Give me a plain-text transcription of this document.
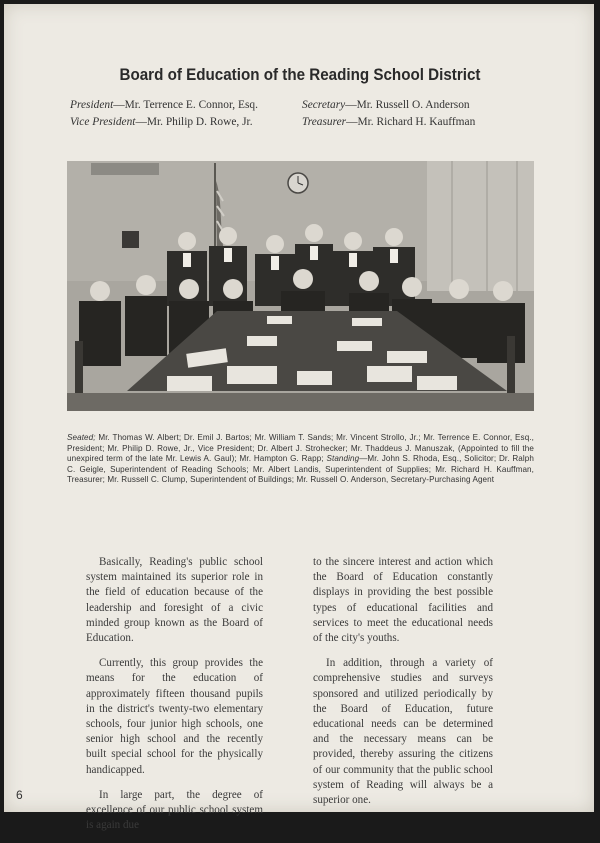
Board of Education of the Reading School District
President—Mr. Terrence E. Connor, Esq.
Vice President—Mr. Philip D. Rowe, Jr.
Secretary—Mr. Russell O. Anderson
Treasurer—Mr. Richard H. Kauffman
Seated; Mr. Thomas W. Albert; Dr. Emil J. Bartos; Mr. William T. Sands; Mr. Vincent Strollo, Jr.; Mr. Terrence E. Connor, Esq., President; Mr. Philip D. Rowe, Jr., Vice President; Dr. Albert J. Strohecker; Mr. Thaddeus J. Manuszak, (Appointed to fill the unexpired term of the late Mr. Lewis A. Gaul); Mr. Hampton G. Rapp; Standing—Mr. John S. Rhoda, Esq., Solicitor; Dr. Ralph C. Geigle, Superintendent of Reading Schools; Mr. Albert Landis, Superintendent of Supplies; Mr. Richard H. Kauffman, Treasurer; Mr. Russell C. Clump, Superintendent of Buildings; Mr. Russell O. Anderson, Secretary-Purchasing Agent

Basically, Reading's public school system maintained its superior role in the field of education because of the leadership and foresight of a civic minded group known as the Board of Education.

Currently, this group provides the means for the education of approximately fifteen thousand pupils in the district's twenty-two elementary schools, four junior high schools, one senior high school and the recently built special school for the physically handicapped.

In large part, the degree of excellence of our public school system is again due

to the sincere interest and action which the Board of Education constantly displays in providing the best possible types of educational facilities and services to meet the educational needs of the city's youths.

In addition, through a variety of comprehensive studies and surveys sponsored and utilized periodically by the Board of Education, future educational needs can be determined and the necessary means can be provided, thereby assuring the citizens of our community that the public school system of Reading will always be a superior one.

6
